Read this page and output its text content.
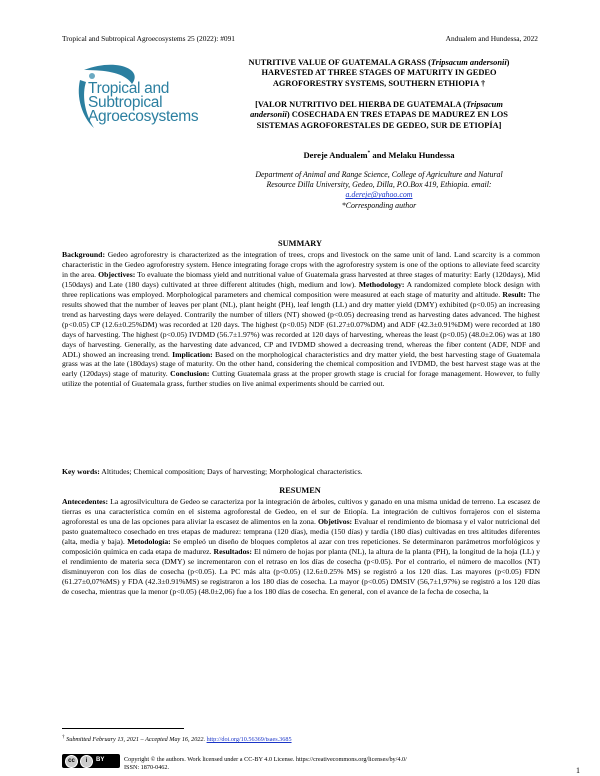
Tropical and Subtropical Agroecosystems 25 (2022): #091	Andualem and Hundessa, 2022
Tropical and
Subtropical
Agroecosystems
NUTRITIVE VALUE OF GUATEMALA GRASS (Tripsacum andersonii)
HARVESTED AT THREE STAGES OF MATURITY IN GEDEO
AGROFORESTRY SYSTEMS, SOUTHERN ETHIOPIA †
[VALOR NUTRITIVO DEL HIERBA DE GUATEMALA (Tripsacum
andersonii) COSECHADA EN TRES ETAPAS DE MADUREZ EN LOS
SISTEMAS AGROFORESTALES DE GEDEO, SUR DE ETIOPÍA]
Dereje Andualem* and Melaku Hundessa
Department of Animal and Range Science, College of Agriculture and Natural
Resource Dilla University, Gedeo, Dilla, P.O.Box 419, Ethiopia. email:
a.dereje@yahoo.com
*Corresponding author
SUMMARY
Background: Gedeo agroforestry is characterized as the integration of trees, crops and livestock on the same unit of land. Land scarcity is a common characteristic in the Gedeo agroforestry system. Hence integrating forage crops with the agroforestry system is one of the options to alleviate feed scarcity in the area. Objectives: To evaluate the biomass yield and nutritional value of Guatemala grass harvested at three stages of maturity: Early (120days), Mid (150days) and Late (180 days) cultivated at three different altitudes (high, medium and low). Methodology: A randomized complete block design with three replications was employed. Morphological parameters and chemical composition were measured at each stage of maturity and altitude. Result: The results showed that the number of leaves per plant (NL), plant height (PH), leaf length (LL) and dry matter yield (DMY) exhibited (p<0.05) an increasing trend as harvesting days were delayed. Contrarily the number of tillers (NT) showed (p<0.05) decreasing trend as harvesting dates advanced. The highest (p<0.05) CP (12.6±0.25%DM) was recorded at 120 days. The highest (p<0.05) NDF (61.27±0.07%DM) and ADF (42.3±0.91%DM) were recorded at 180 days of harvesting. The highest (p<0.05) IVDMD (56.7±1.97%) was recorded at 120 days of harvesting, whereas the least (p<0.05) (48.0±2.06) was at 180 days of harvesting. Generally, as the harvesting date advanced, CP and IVDMD showed a decreasing trend, whereas the fiber content (ADF, NDF and ADL) showed an increasing trend. Implication: Based on the morphological characteristics and dry matter yield, the best harvesting stage of Guatemala grass was at the late (180days) stage of maturity. On the other hand, considering the chemical composition and IVDMD, the best harvest stage was at the early (120days) stage of maturity. Conclusion: Cutting Guatemala grass at the proper growth stage is crucial for forage management. However, to fully utilize the potential of Guatemala grass, further studies on live animal experiments should be carried out.
Key words: Altitudes; Chemical composition; Days of harvesting; Morphological characteristics.
RESUMEN
Antecedentes: La agrosilvicultura de Gedeo se caracteriza por la integración de árboles, cultivos y ganado en una misma unidad de terreno. La escasez de tierras es una característica común en el sistema agroforestal de Gedeo, en el sur de Etiopía. La integración de cultivos forrajeros con el sistema agroforestal es una de las opciones para aliviar la escasez de alimentos en la zona. Objetivos: Evaluar el rendimiento de biomasa y el valor nutricional del pasto guatemalteco cosechado en tres etapas de madurez: temprana (120 días), media (150 días) y tardía (180 días) cultivadas en tres altitudes diferentes (alta, media y baja). Metodología: Se empleó un diseño de bloques completos al azar con tres repeticiones. Se determinaron parámetros morfológicos y composición química en cada etapa de madurez. Resultados: El número de hojas por planta (NL), la altura de la planta (PH), la longitud de la hoja (LL) y el rendimiento de materia seca (DMY) se incrementaron con el retraso en los días de cosecha (p<0.05). Por el contrario, el número de macollos (NT) disminuyeron con los días de cosecha (p<0.05). La PC más alta (p<0.05) (12.6±0.25% MS) se registró a los 120 días. Las mayores (p<0.05) FDN (61.27±0,07%MS) y FDA (42.3±0.91%MS) se registraron a los 180 días de cosecha. La mayor (p<0.05) DMSIV (56,7±1,97%) se registró a los 120 días de cosecha, mientras que la menor (p<0.05) (48.0±2,06) fue a los 180 días de cosecha. En general, con el avance de la fecha de cosecha, la
† Submitted February 13, 2021 – Accepted May 16, 2022. http://doi.org/10.56369/tsaes.3685
cc	i	BY	Copyright © the authors. Work licensed under a CC-BY 4.0 License. https://creativecommons.org/licenses/by/4.0/
ISSN: 1870-0462.	1
